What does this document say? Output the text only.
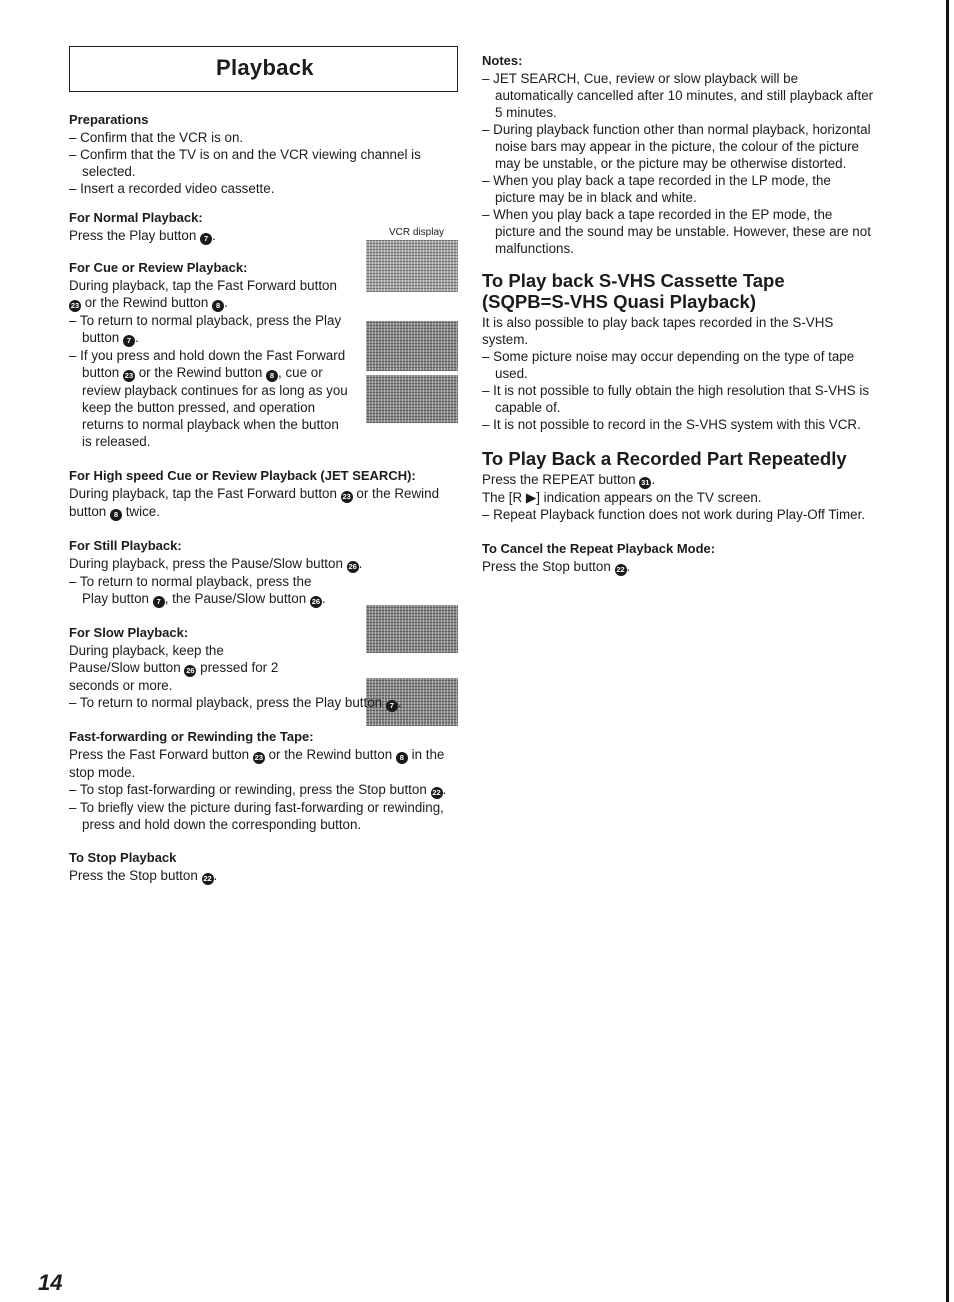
Playback
VCR display
Preparations

– Confirm that the VCR is on.

– Confirm that the TV is on and the VCR viewing channel is selected.

– Insert a recorded video cassette.

For Normal Playback:

Press the Play button 7 .

For Cue or Review Playback:

During playback, tap the Fast Forward button 23 or the Rewind button 8 .

– To return to normal playback, press the Play button 7 .

– If you press and hold down the Fast Forward button 23 or the Rewind button 8 , cue or review playback continues for as long as you keep the button pressed, and operation returns to normal playback when the button is released.

For High speed Cue or Review Playback (JET SEARCH):

During playback, tap the Fast Forward button 23 or the Rewind button 8 twice.

For Still Playback:

During playback, press the Pause/Slow button 26 .

– To return to normal playback, press the Play button 7 , the Pause/Slow button 26 .

For Slow Playback:

During playback, keep the Pause/Slow button 26 pressed for 2 seconds or more.

– To return to normal playback, press the Play button 7 .

Fast-forwarding or Rewinding the Tape:

Press the Fast Forward button 23 or the Rewind button 8 in the stop mode.

– To stop fast-forwarding or rewinding, press the Stop button 22 .

– To briefly view the picture during fast-forwarding or rewinding, press and hold down the corresponding button.

To Stop Playback

Press the Stop button 22 .

Notes:

– JET SEARCH, Cue, review or slow playback will be automatically cancelled after 10 minutes, and still playback after 5 minutes.

– During playback function other than normal playback, horizontal noise bars may appear in the picture, the colour of the picture may be unstable, or the picture may be otherwise distorted.

– When you play back a tape recorded in the LP mode, the picture may be in black and white.

– When you play back a tape recorded in the EP mode, the picture and the sound may be unstable. However, these are not malfunctions.

To Play back S-VHS Cassette Tape (SQPB=S-VHS Quasi Playback)

It is also possible to play back tapes recorded in the S-VHS system.

– Some picture noise may occur depending on the type of tape used.

– It is not possible to fully obtain the high resolution that S-VHS is capable of.

– It is not possible to record in the S-VHS system with this VCR.

To Play Back a Recorded Part Repeatedly

Press the REPEAT button 31 .

The [R ▶] indication appears on the TV screen.

– Repeat Playback function does not work during Play-Off Timer.

To Cancel the Repeat Playback Mode:

Press the Stop button 22 .

14
